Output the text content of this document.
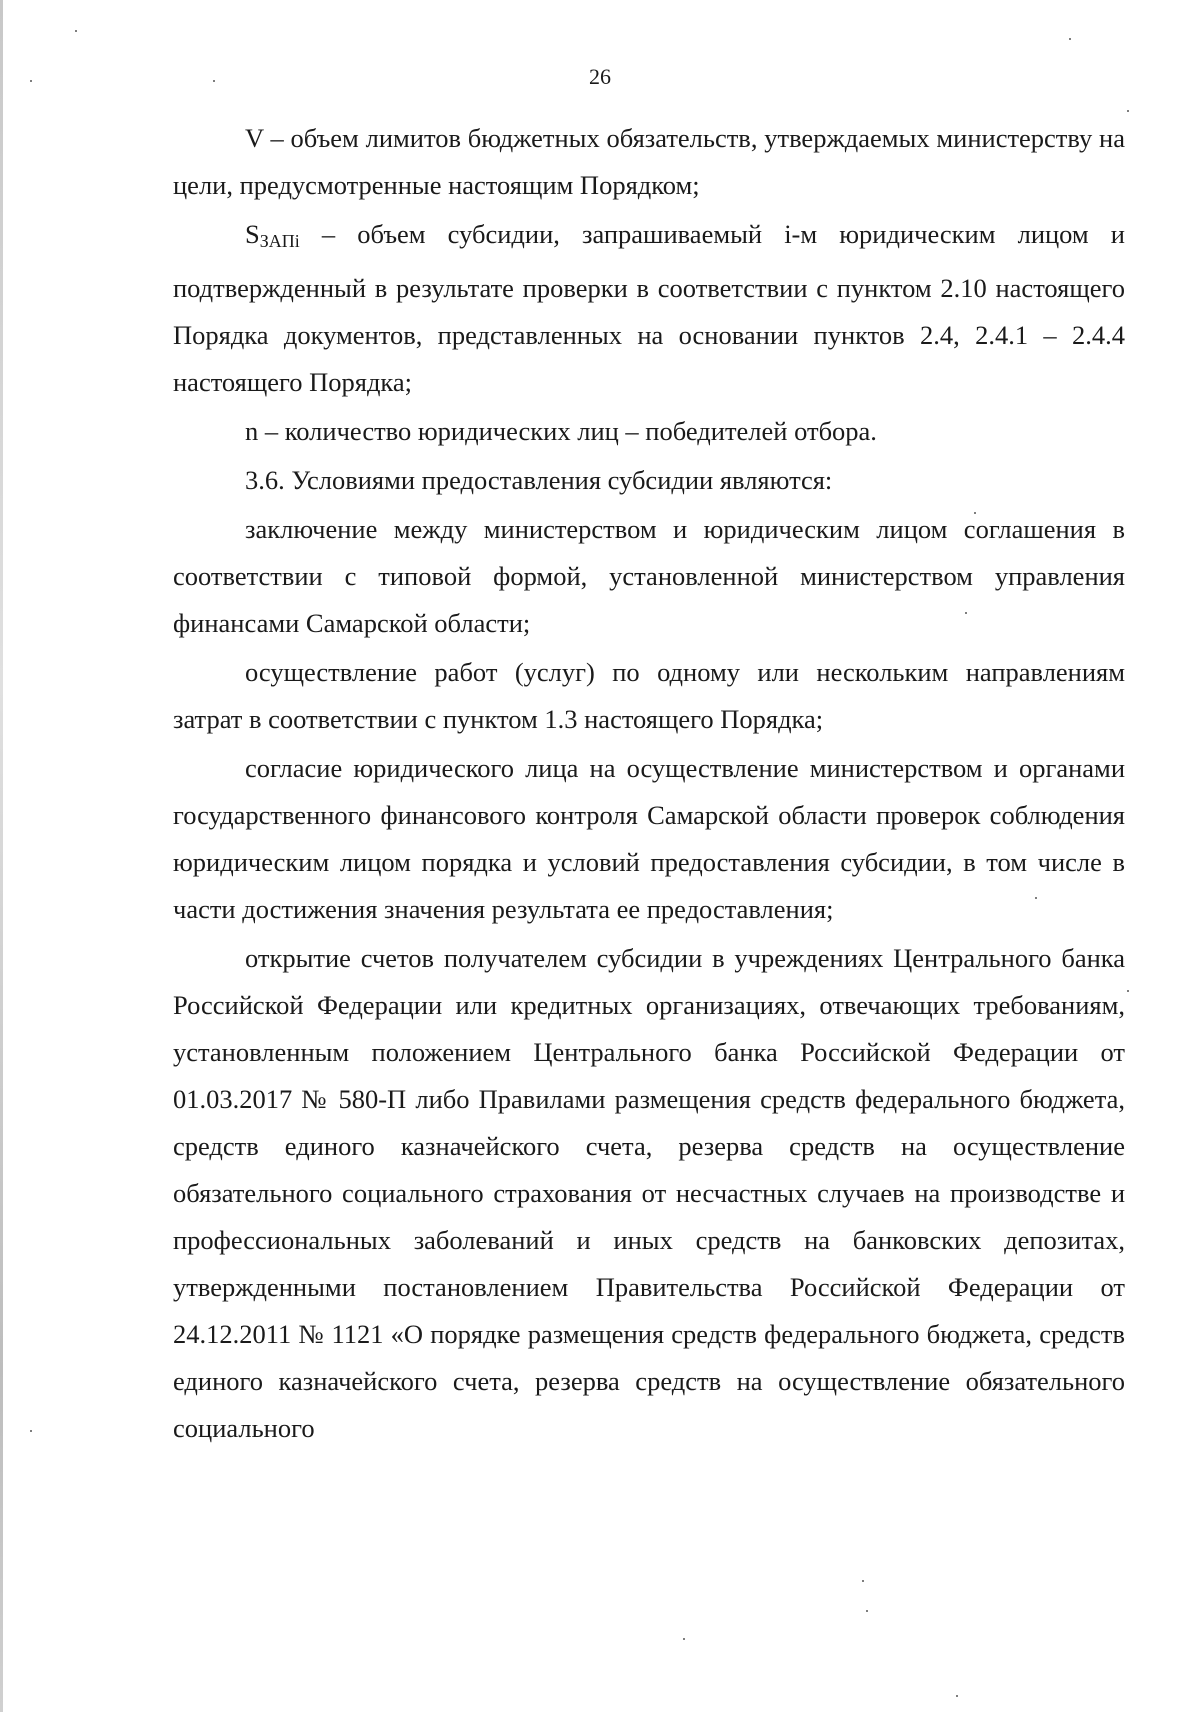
26

V – объем лимитов бюджетных обязательств, утверждаемых министерству на цели, предусмотренные настоящим Порядком;

SЗАПi – объем субсидии, запрашиваемый i-м юридическим лицом и подтвержденный в результате проверки в соответствии с пунктом 2.10 настоящего Порядка документов, представленных на основании пунктов 2.4, 2.4.1 – 2.4.4 настоящего Порядка;

n – количество юридических лиц – победителей отбора.

3.6. Условиями предоставления субсидии являются:

заключение между министерством и юридическим лицом соглашения в соответствии с типовой формой, установленной министерством управления финансами Самарской области;

осуществление работ (услуг) по одному или нескольким направлениям затрат в соответствии с пунктом 1.3 настоящего Порядка;

согласие юридического лица на осуществление министерством и органами государственного финансового контроля Самарской области проверок соблюдения юридическим лицом порядка и условий предоставления субсидии, в том числе в части достижения значения результата ее предоставления;

открытие счетов получателем субсидии в учреждениях Центрального банка Российской Федерации или кредитных организациях, отвечающих требованиям, установленным положением Центрального банка Российской Федерации от 01.03.2017 № 580-П либо Правилами размещения средств федерального бюджета, средств единого казначейского счета, резерва средств на осуществление обязательного социального страхования от несчастных случаев на производстве и профессиональных заболеваний и иных средств на банковских депозитах, утвержденными постановлением Правительства Российской Федерации от 24.12.2011 № 1121 «О порядке размещения средств федерального бюджета, средств единого казначейского счета, резерва средств на осуществление обязательного социального
